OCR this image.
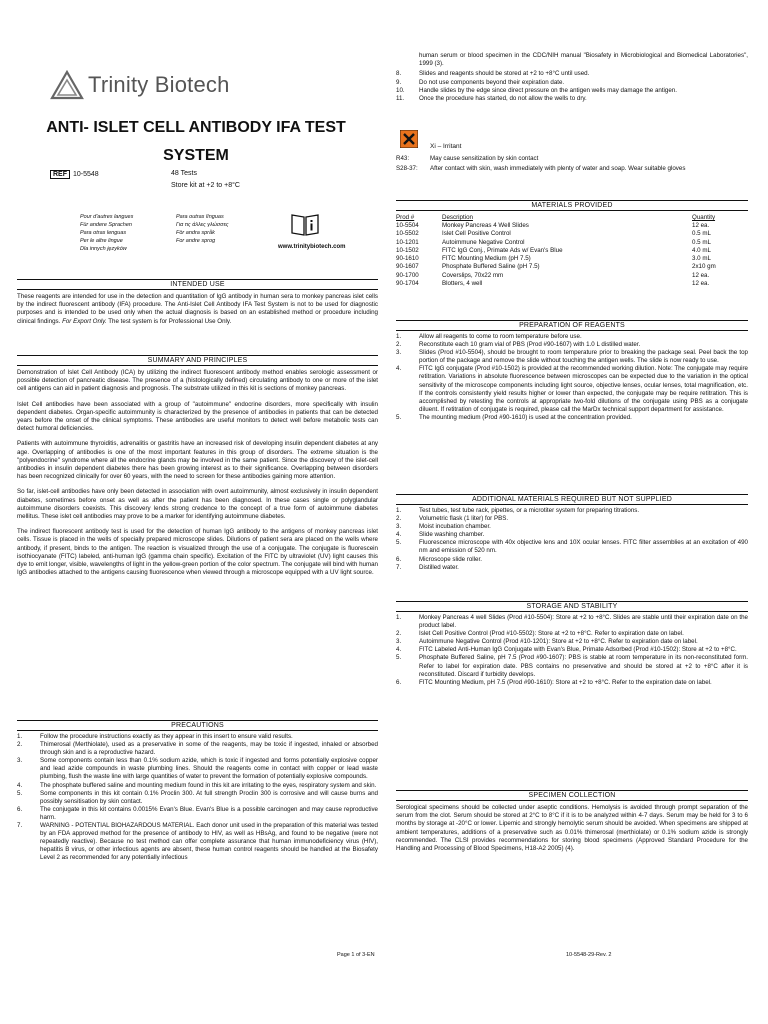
Trinity Biotech
ANTI- ISLET CELL ANTIBODY IFA TEST
SYSTEM
REF 10-5548	48 Tests
Store kit at +2 to +8°C
Pour d'autres langues
Für andere Sprachen
Para otras lenguas
Per le altre lingue
Dla innych języków
Para outras línguas
Για τις άλλες γλώσσες
För andra språk
For andre sprog
www.trinitybiotech.com
INTENDED USE

These reagents are intended for use in the detection and quantitation of IgG antibody in human sera to monkey pancreas islet cells by the indirect fluorescent antibody (IFA) procedure. The Anti-Islet Cell Antibody IFA Test System is not to be used for diagnostic purposes and is intended to be used only when the actual diagnosis is based on an established method or procedure including clinical findings. For Export Only. The test system is for Professional Use Only.

SUMMARY AND PRINCIPLES

Demonstration of Islet Cell Antibody (ICA) by utilizing the indirect fluorescent antibody method enables serologic assessment or possible detection of pancreatic disease. The presence of a (histologically defined) circulating antibody to one or more of the islet cell antigens can aid in patient diagnosis and prognosis. The substrate utilized in this kit is sections of monkey pancreas.

Islet Cell antibodies have been associated with a group of "autoimmune" endocrine disorders, more specifically with insulin dependent diabetes. Organ-specific autoimmunity is characterized by the presence of antibodies in patients that can be detected years before the onset of the clinical symptoms. These antibodies are useful monitors to detect well before metabolic tests can detect humoral deficiencies.

Patients with autoimmune thyroiditis, adrenalitis or gastritis have an increased risk of developing insulin dependent diabetes at any age. Overlapping of antibodies is one of the most important features in this group of disorders. The extreme situation is the "polyendocrine" syndrome where all the endocrine glands may be involved in the same patient. Since the discovery of the islet-cell antibodies in insulin dependent diabetes there has been growing interest as to their significance. Overlapping between disorders has been recognized clinically for over 60 years, with the need to screen for these antibodies gaining more attention.

So far, islet-cell antibodies have only been detected in association with overt autoimmunity, almost exclusively in insulin dependent diabetes, sometimes before onset as well as after the patient has been diagnosed. In these cases single or polyglandular autoimmune disorders coexists. This discovery lends strong credence to the concept of a true form of autoimmune diabetes mellitus. These islet cell antibodies may prove to be a marker for identifying autoimmune diabetes.

The indirect fluorescent antibody test is used for the detection of human IgG antibody to the antigens of monkey pancreas islet cells. Tissue is placed in the wells of specially prepared microscope slides. Dilutions of patient sera are placed on the wells where antibody, if present, binds to the antigen. The reaction is visualized through the use of a conjugate. The conjugate is fluorescein isothiocyanate (FITC) labeled, anti-human IgG (gamma chain specific). Excitation of the FITC by ultraviolet (UV) light causes this dye to emit longer, visible, wavelengths of light in the yellow-green portion of the color spectrum. The conjugate will bind with human IgG antibodies attached to the antigens causing fluorescence when viewed through a microscope equipped with a UV light source.

PRECAUTIONS
1.	Follow the procedure instructions exactly as they appear in this insert to ensure valid results.
2.	Thimerosal (Merthiolate), used as a preservative in some of the reagents, may be toxic if ingested, inhaled or absorbed through skin and is a reproductive hazard.
3.	Some components contain less than 0.1% sodium azide, which is toxic if ingested and forms potentially explosive copper and lead azide compounds in waste plumbing lines. Should the reagents come in contact with copper or lead waste plumbing, flush the waste line with large quantities of water to prevent the formation of potentially explosive compounds.
4.	The phosphate buffered saline and mounting medium found in this kit are irritating to the eyes, respiratory system and skin.
5.	Some components in this kit contain 0.1% Proclin 300. At full strength Proclin 300 is corrosive and will cause burns and possibly sensitisation by skin contact.
6.	The conjugate in this kit contains 0.0015% Evan's Blue. Evan's Blue is a possible carcinogen and may cause reproductive harm.
7.	WARNING - POTENTIAL BIOHAZARDOUS MATERIAL. Each donor unit used in the preparation of this material was tested by an FDA approved method for the presence of antibody to HIV, as well as HBsAg, and found to be negative (were not repeatedly reactive). Because no test method can offer complete assurance that human immunodeficiency virus (HIV), hepatitis B virus, or other infectious agents are absent, these human control reagents should be handled at the Biosafety Level 2 as recommended for any potentially infectious
Page 1 of 3-EN

human serum or blood specimen in the CDC/NIH manual "Biosafety in Microbiological and Biomedical Laboratories", 1999 (3).

8.	Slides and reagents should be stored at +2 to +8°C until used.
9.	Do not use components beyond their expiration date.
10.	Handle slides by the edge since direct pressure on the antigen wells may damage the antigen.
11.	Once the procedure has started, do not allow the wells to dry.
Xi – Irritant
R43:	May cause sensitization by skin contact
S28-37:	After contact with skin, wash immediately with plenty of water and soap. Wear suitable gloves
MATERIALS PROVIDED
Prod #	Description	Quantity
10-5504	Monkey Pancreas 4 Well Slides	12 ea.
10-5502	Islet Cell Positive Control	0.5 mL
10-1201	Autoimmune Negative Control	0.5 mL
10-1502	FITC IgG Conj., Primate Ads w/ Evan's Blue	4.0 mL
90-1610	FITC Mounting Medium (pH 7.5)	3.0 mL
90-1607	Phosphate Buffered Saline (pH 7.5)	2x10 gm
90-1700	Coverslips, 70x22 mm	12 ea.
90-1704	Blotters, 4 well	12 ea.
PREPARATION OF REAGENTS
1.	Allow all reagents to come to room temperature before use.
2.	Reconstitute each 10 gram vial of PBS (Prod #90-1607) with 1.0 L distilled water.
3.	Slides (Prod #10-5504), should be brought to room temperature prior to breaking the package seal. Peel back the top portion of the package and remove the slide without touching the antigen wells. The slide is now ready to use.
4.	FITC IgG conjugate (Prod #10-1502) is provided at the recommended working dilution. Note: The conjugate may require retitration. Variations in absolute fluorescence between microscopes can be expected due to the variation in the optical sensitivity of the microscope components including light source, objective lenses, ocular lenses, total magnification, etc. If the controls consistently yield results higher or lower than expected, the conjugate may be require retitration. This is accomplished by retesting the controls at appropriate two-fold dilutions of the conjugate using PBS as a conjugate diluent. If retitration of conjugate is required, please call the MarDx technical support department for assistance.
5.	The mounting medium (Prod #90-1610) is used at the concentration provided.
ADDITIONAL MATERIALS REQUIRED BUT NOT SUPPLIED
1.	Test tubes, test tube rack, pipettes, or a microtiter system for preparing titrations.
2.	Volumetric flask (1 liter) for PBS.
3.	Moist incubation chamber.
4.	Slide washing chamber.
5.	Fluorescence microscope with 40x objective lens and 10X ocular lenses. FITC filter assemblies at an excitation of 490 nm and emission of 520 nm.
6.	Microscope slide roller.
7.	Distilled water.
STORAGE AND STABILITY
1.	Monkey Pancreas 4 well Slides (Prod #10-5504): Store at +2 to +8°C. Slides are stable until their expiration date on the product label.
2.	Islet Cell Positive Control (Prod #10-5502): Store at +2 to +8°C. Refer to expiration date on label.
3.	Autoimmune Negative Control (Prod #10-1201): Store at +2 to +8°C. Refer to expiration date on label.
4.	FITC Labeled Anti-Human IgG Conjugate with Evan's Blue, Primate Adsorbed (Prod #10-1502): Store at +2 to +8°C.
5.	Phosphate Buffered Saline, pH 7.5 (Prod #90-1607): PBS is stable at room temperature in its non-reconstituted form. Refer to label for expiration date. PBS contains no preservative and should be stored at +2 to +8°C after it is reconstituted. Discard if turbidity develops.
6.	FITC Mounting Medium, pH 7.5 (Prod #90-1610): Store at +2 to +8°C. Refer to the expiration date on label.
SPECIMEN COLLECTION

Serological specimens should be collected under aseptic conditions. Hemolysis is avoided through prompt separation of the serum from the clot. Serum should be stored at 2°C to 8°C if it is to be analyzed within 4-7 days. Serum may be held for 3 to 6 months by storage at -20°C or lower. Lipemic and strongly hemolytic serum should be avoided. When specimens are shipped at ambient temperatures, additions of a preservative such as 0.01% thimerosal (merthiolate) or 0.1% sodium azide is strongly recommended. The CLSI provides recommendations for storing blood specimens (Approved Standard Procedure for the Handling and Processing of Blood Specimens, H18-A2 2005) (4).

10-5548-29-Rev. 2
